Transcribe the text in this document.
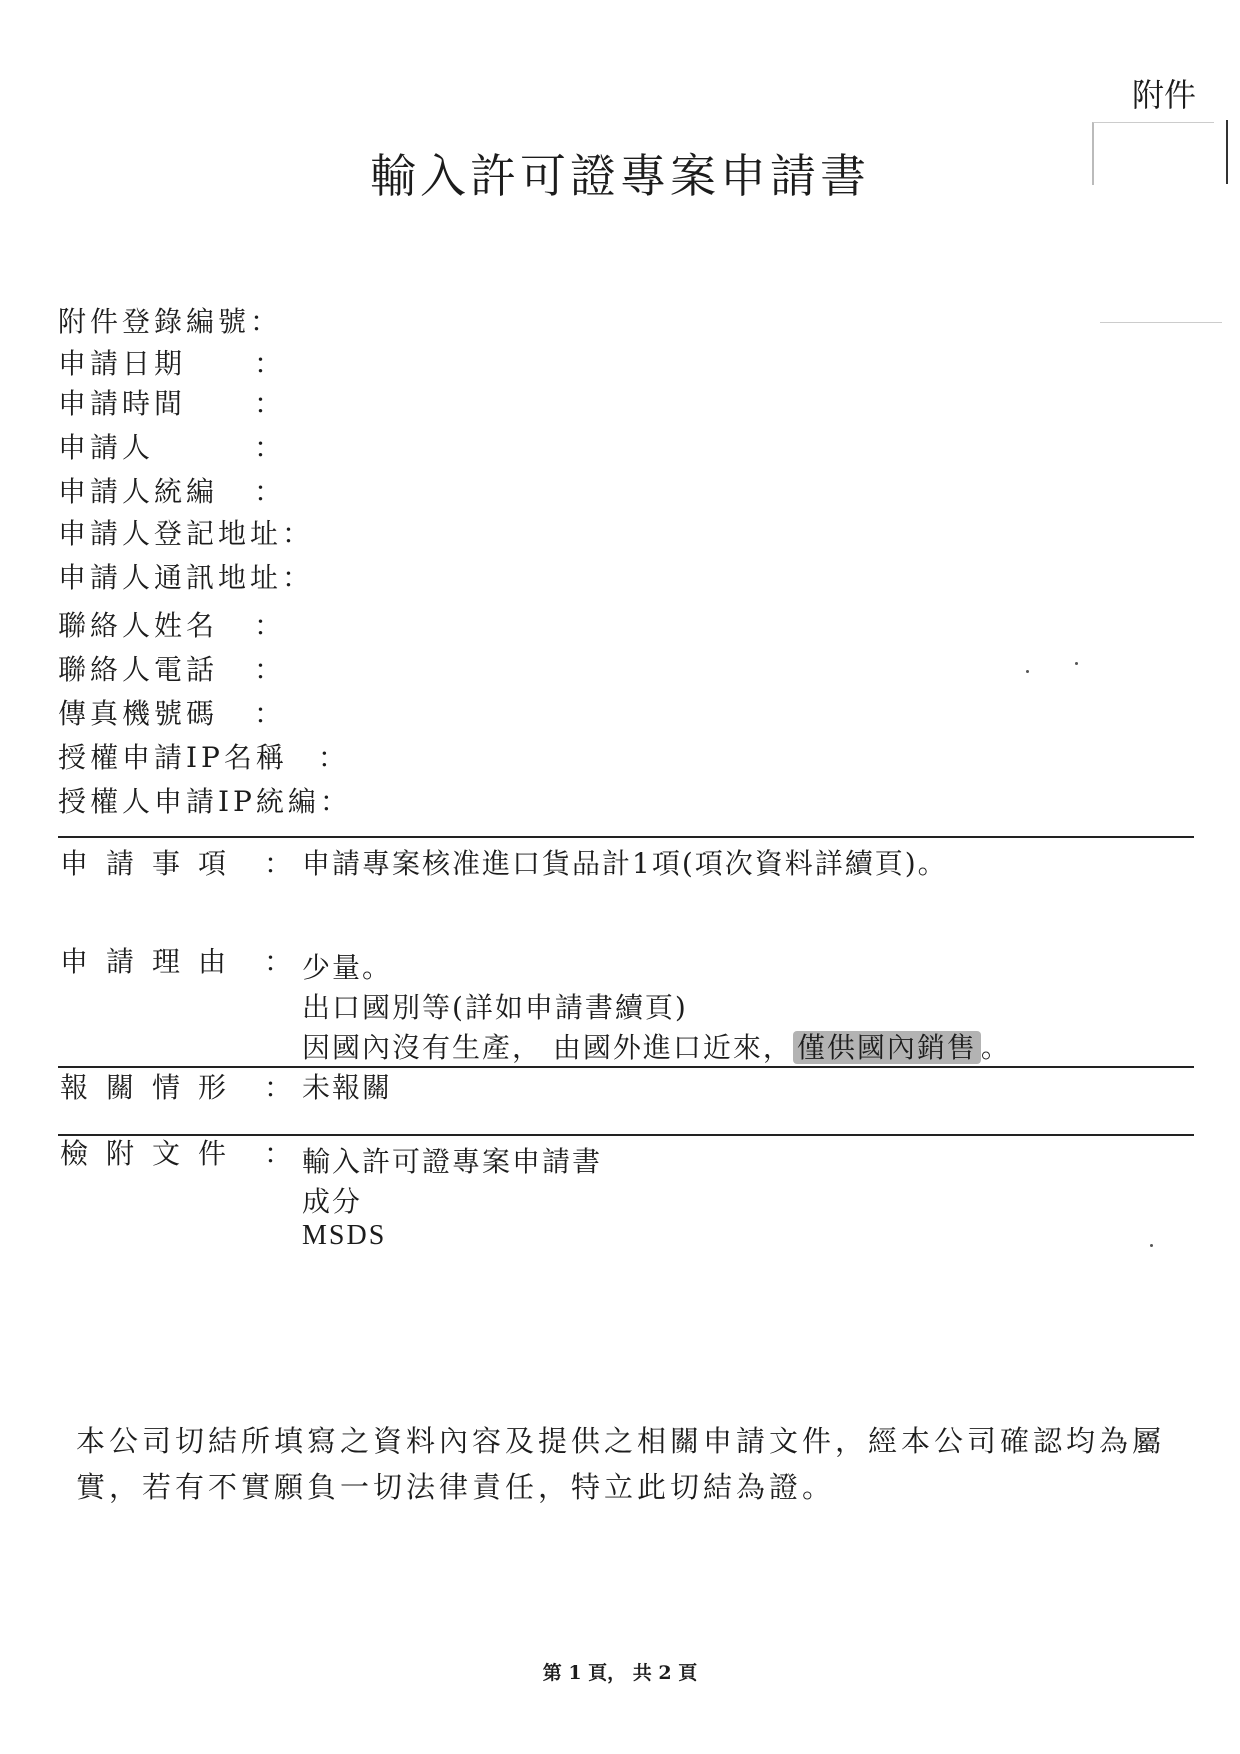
附件
輸入許可證專案申請書
附件登錄編號：
申請日期 ：
申請時間 ：
申請人	：
申請人統編 ：
申請人登記地址：
申請人通訊地址：
聯絡人姓名 ：
聯絡人電話 ：
傳真機號碼 ：
授權申請IP名稱 ：
授權人申請IP統編：
申請事項 ： 申請專案核准進口貨品計1項(項次資料詳續頁)。
申請理由 ： 少量。
出口國別等(詳如申請書續頁)
因國內沒有生產， 由國外進口近來， 僅供國內銷售 。
報關情形 ： 未報關
檢附文件 ： 輸入許可證專案申請書
成分
MSDS
本公司切結所填寫之資料內容及提供之相關申請文件，經本公司確認均為屬實，若有不實願負一切法律責任，特立此切結為證。
第 1 頁， 共 2 頁
